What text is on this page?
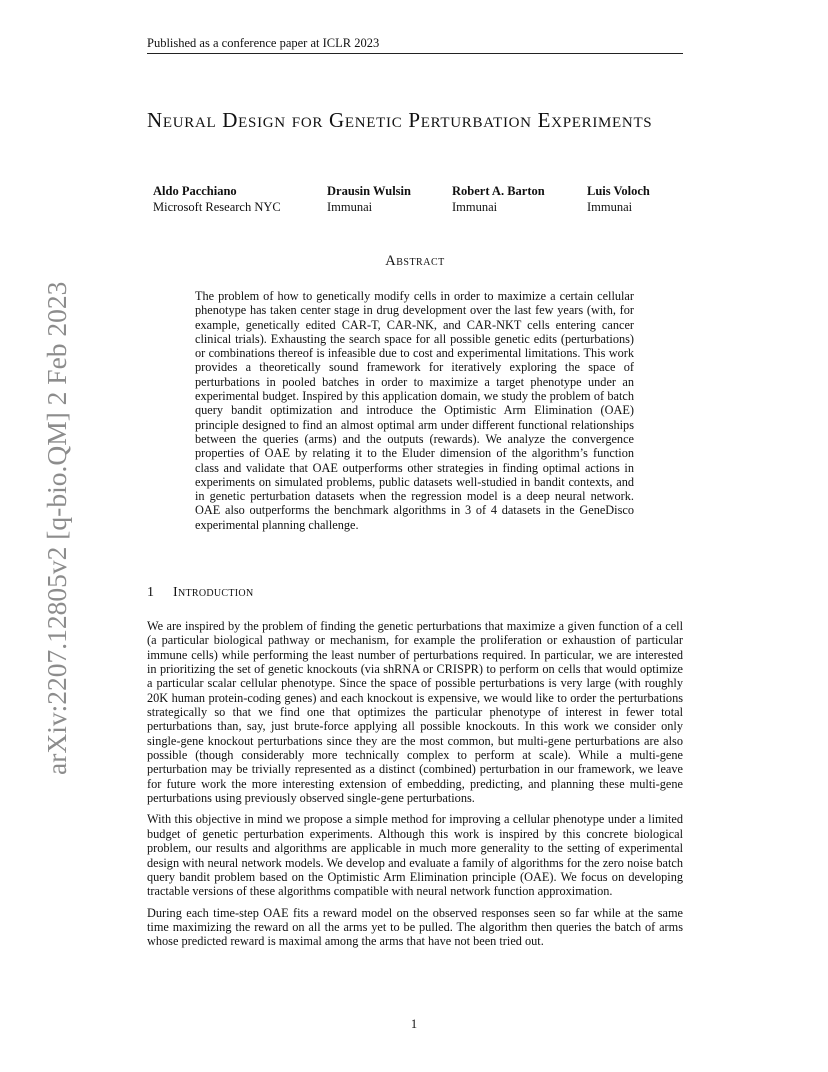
Published as a conference paper at ICLR 2023
arXiv:2207.12805v2 [q-bio.QM] 2 Feb 2023
Neural Design for Genetic Perturbation Experiments
Aldo Pacchiano
Microsoft Research NYC
Drausin Wulsin
Immunai
Robert A. Barton
Immunai
Luis Voloch
Immunai
Abstract
The problem of how to genetically modify cells in order to maximize a certain cellular phenotype has taken center stage in drug development over the last few years (with, for example, genetically edited CAR-T, CAR-NK, and CAR-NKT cells entering cancer clinical trials). Exhausting the search space for all possible genetic edits (perturbations) or combinations thereof is infeasible due to cost and experimental limitations. This work provides a theoretically sound framework for iteratively exploring the space of perturbations in pooled batches in order to maximize a target phenotype under an experimental budget. Inspired by this application domain, we study the problem of batch query bandit optimization and introduce the Optimistic Arm Elimination (OAE) principle designed to find an almost optimal arm under different functional relationships between the queries (arms) and the outputs (rewards). We analyze the convergence properties of OAE by relating it to the Eluder dimension of the algorithm’s function class and validate that OAE outperforms other strategies in finding optimal actions in experiments on simulated problems, public datasets well-studied in bandit contexts, and in genetic perturbation datasets when the regression model is a deep neural network. OAE also outperforms the benchmark algorithms in 3 of 4 datasets in the GeneDisco experimental planning challenge.
1 Introduction

We are inspired by the problem of finding the genetic perturbations that maximize a given function of a cell (a particular biological pathway or mechanism, for example the proliferation or exhaustion of particular immune cells) while performing the least number of perturbations required. In particular, we are interested in prioritizing the set of genetic knockouts (via shRNA or CRISPR) to perform on cells that would optimize a particular scalar cellular phenotype. Since the space of possible perturbations is very large (with roughly 20K human protein-coding genes) and each knockout is expensive, we would like to order the perturbations strategically so that we find one that optimizes the particular phenotype of interest in fewer total perturbations than, say, just brute-force applying all possible knockouts. In this work we consider only single-gene knockout perturbations since they are the most common, but multi-gene perturbations are also possible (though considerably more technically complex to perform at scale). While a multi-gene perturbation may be trivially represented as a distinct (combined) perturbation in our framework, we leave for future work the more interesting extension of embedding, predicting, and planning these multi-gene perturbations using previously observed single-gene perturbations.

With this objective in mind we propose a simple method for improving a cellular phenotype under a limited budget of genetic perturbation experiments. Although this work is inspired by this concrete biological problem, our results and algorithms are applicable in much more generality to the setting of experimental design with neural network models. We develop and evaluate a family of algorithms for the zero noise batch query bandit problem based on the Optimistic Arm Elimination principle (OAE). We focus on developing tractable versions of these algorithms compatible with neural network function approximation.

During each time-step OAE fits a reward model on the observed responses seen so far while at the same time maximizing the reward on all the arms yet to be pulled. The algorithm then queries the batch of arms whose predicted reward is maximal among the arms that have not been tried out.

1
